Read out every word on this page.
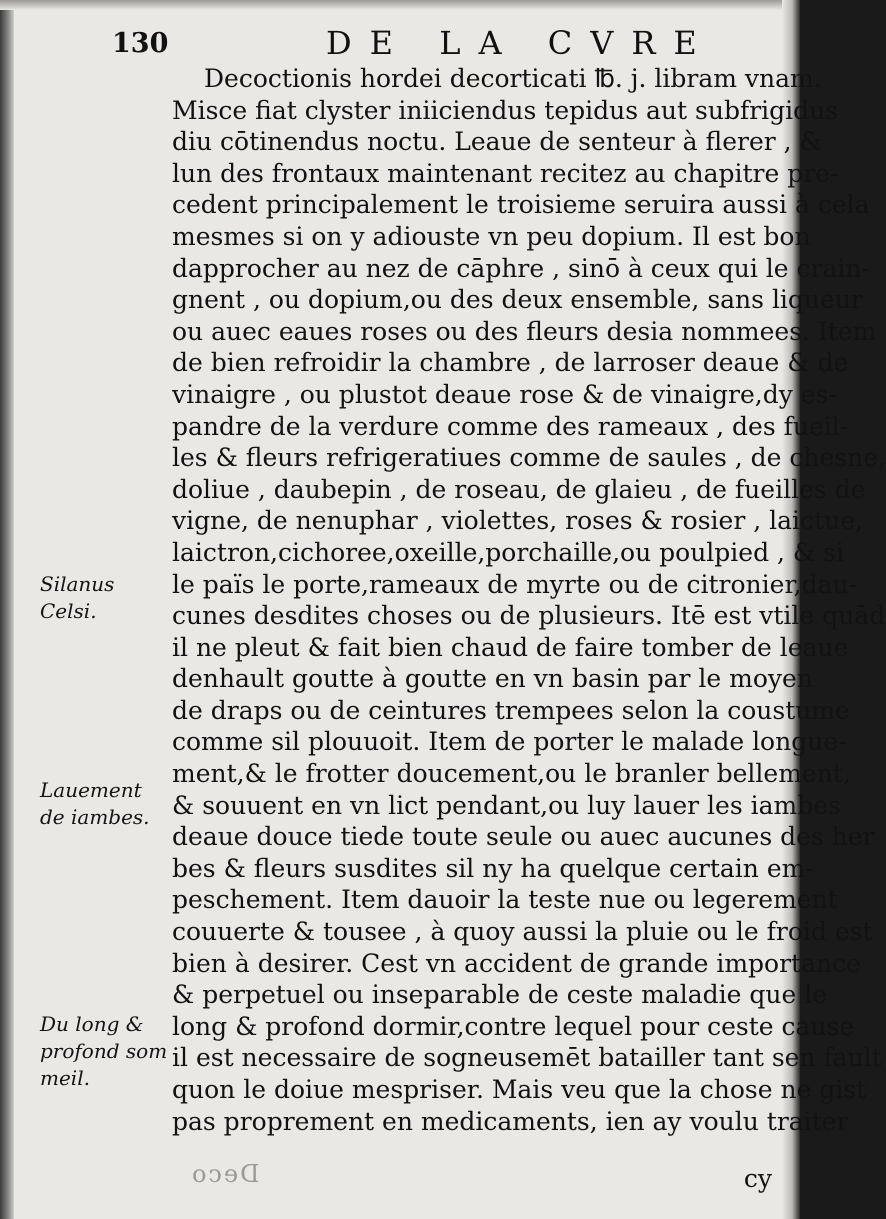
130	DE LA CVRE
Decoctionis hordei decorticati ℔. j. libram vnam.
Misce fiat clyster iniiciendus tepidus aut subfrigidus
diu cōtinendus noctu. Leaue de senteur à flerer , &
lun des frontaux maintenant recitez au chapitre pre-
cedent principalement le troisieme seruira aussi à cela
mesmes si on y adiouste vn peu dopium. Il est bon
dapprocher au nez de cāphre , sinō à ceux qui le crain-
gnent , ou dopium,ou des deux ensemble, sans liqueur
ou auec eaues roses ou des fleurs desia nommees. Item
de bien refroidir la chambre , de larroser deaue & de
vinaigre , ou plustot deaue rose & de vinaigre,dy es-
pandre de la verdure comme des rameaux , des fueil-
les & fleurs refrigeratiues comme de saules , de chesne,
doliue , daubepin , de roseau, de glaieu , de fueilles de
vigne, de nenuphar , violettes, roses & rosier , laictue,
laictron,cichoree,oxeille,porchaille,ou poulpied , & si
le païs le porte,rameaux de myrte ou de citronier,dau-
cunes desdites choses ou de plusieurs. Itē est vtile quād
il ne pleut & fait bien chaud de faire tomber de leaue
denhault goutte à goutte en vn basin par le moyen
de draps ou de ceintures trempees selon la coustume
comme sil plouuoit. Item de porter le malade longue-
ment,& le frotter doucement,ou le branler bellement,
& souuent en vn lict pendant,ou luy lauer les iambes
deaue douce tiede toute seule ou auec aucunes des her
bes & fleurs susdites sil ny ha quelque certain em-
peschement. Item dauoir la teste nue ou legerement
couuerte & tousee , à quoy aussi la pluie ou le froid est
bien à desirer. Cest vn accident de grande importance
& perpetuel ou inseparable de ceste maladie que le
long & profond dormir,contre lequel pour ceste cause
il est necessaire de sogneusemēt batailler tant sen fault
quon le doiue mespriser. Mais veu que la chose ne gist
pas proprement en medicaments, ien ay voulu traiter
Silanus Celsi.
Lauement de iambes.
Du long & profond som meil.
Deco	cy
